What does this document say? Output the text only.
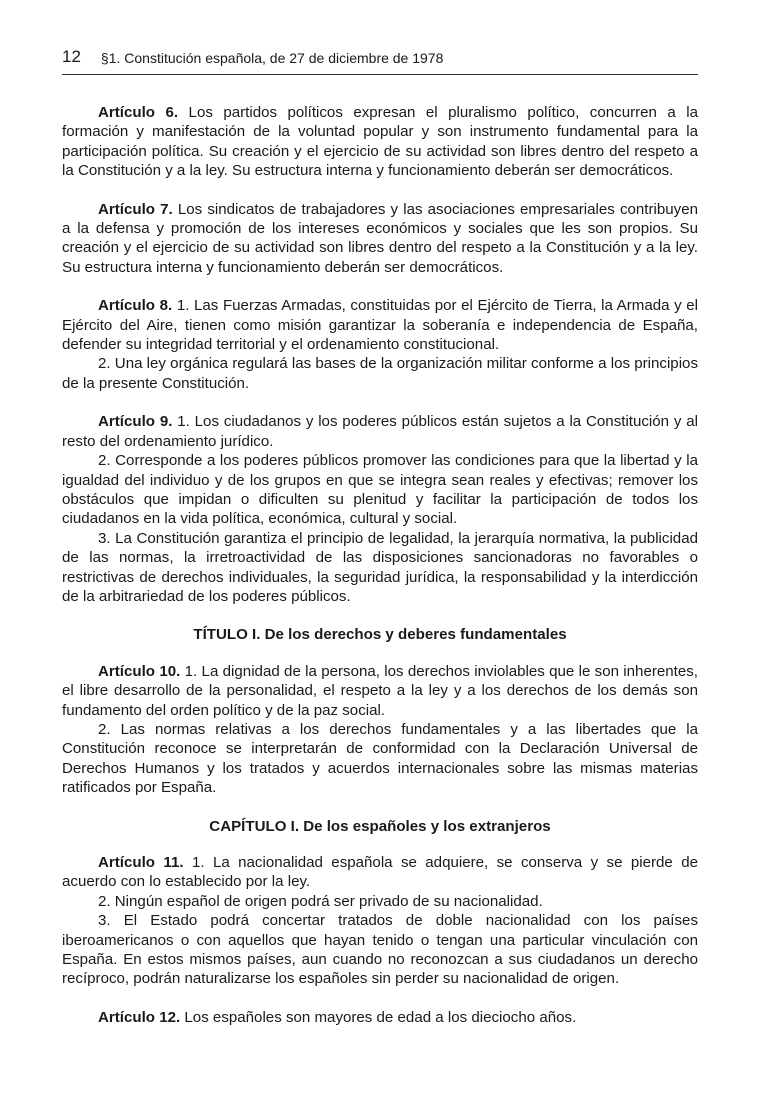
12 §1. Constitución española, de 27 de diciembre de 1978

Artículo 6. Los partidos políticos expresan el pluralismo político, concurren a la formación y manifestación de la voluntad popular y son instrumento fundamental para la participación política. Su creación y el ejercicio de su actividad son libres dentro del respeto a la Constitución y a la ley. Su estructura interna y funcionamiento deberán ser democráticos.

Artículo 7. Los sindicatos de trabajadores y las asociaciones empresariales contribuyen a la defensa y promoción de los intereses económicos y sociales que les son propios. Su creación y el ejercicio de su actividad son libres dentro del respeto a la Constitución y a la ley. Su estructura interna y funcionamiento deberán ser democráticos.

Artículo 8. 1. Las Fuerzas Armadas, constituidas por el Ejército de Tierra, la Armada y el Ejército del Aire, tienen como misión garantizar la soberanía e independencia de España, defender su integridad territorial y el ordenamiento constitucional.

2. Una ley orgánica regulará las bases de la organización militar conforme a los principios de la presente Constitución.

Artículo 9. 1. Los ciudadanos y los poderes públicos están sujetos a la Constitución y al resto del ordenamiento jurídico.

2. Corresponde a los poderes públicos promover las condiciones para que la libertad y la igualdad del individuo y de los grupos en que se integra sean reales y efectivas; remover los obstáculos que impidan o dificulten su plenitud y facilitar la participación de todos los ciudadanos en la vida política, económica, cultural y social.

3. La Constitución garantiza el principio de legalidad, la jerarquía normativa, la publicidad de las normas, la irretroactividad de las disposiciones sancionadoras no favorables o restrictivas de derechos individuales, la seguridad jurídica, la responsabilidad y la interdicción de la arbitrariedad de los poderes públicos.

TÍTULO I. De los derechos y deberes fundamentales

Artículo 10. 1. La dignidad de la persona, los derechos inviolables que le son inherentes, el libre desarrollo de la personalidad, el respeto a la ley y a los derechos de los demás son fundamento del orden político y de la paz social.

2. Las normas relativas a los derechos fundamentales y a las libertades que la Constitución reconoce se interpretarán de conformidad con la Declaración Universal de Derechos Humanos y los tratados y acuerdos internacionales sobre las mismas materias ratificados por España.

CAPÍTULO I. De los españoles y los extranjeros

Artículo 11. 1. La nacionalidad española se adquiere, se conserva y se pierde de acuerdo con lo establecido por la ley.

2. Ningún español de origen podrá ser privado de su nacionalidad.

3. El Estado podrá concertar tratados de doble nacionalidad con los países iberoamericanos o con aquellos que hayan tenido o tengan una particular vinculación con España. En estos mismos países, aun cuando no reconozcan a sus ciudadanos un derecho recíproco, podrán naturalizarse los españoles sin perder su nacionalidad de origen.

Artículo 12. Los españoles son mayores de edad a los dieciocho años.
